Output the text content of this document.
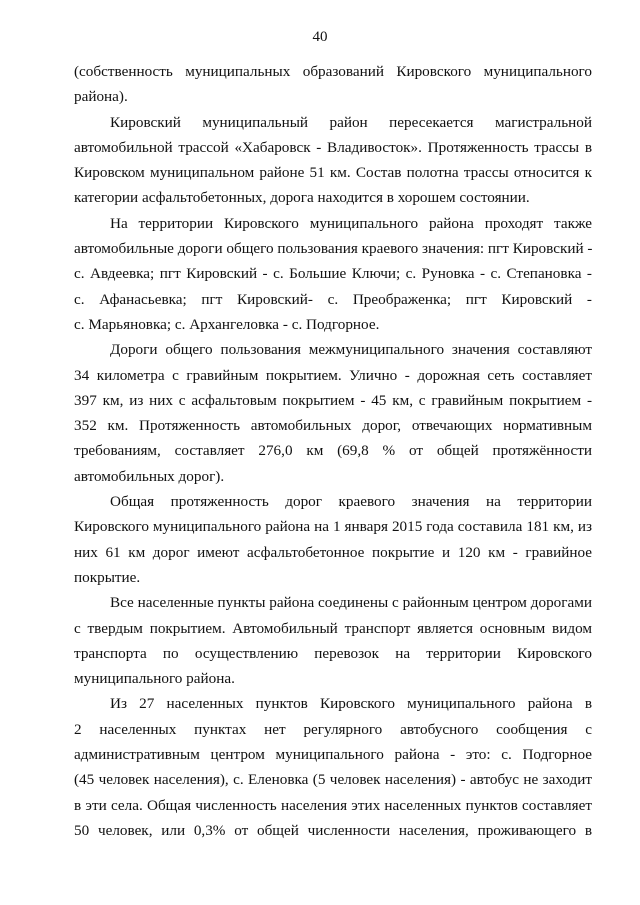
40
(собственность муниципальных образований Кировского муниципального
района).
Кировский муниципальный район пересекается магистральной
автомобильной трассой «Хабаровск - Владивосток». Протяженность трассы в
Кировском муниципальном районе 51 км. Состав полотна трассы относится к
категории асфальтобетонных, дорога находится в хорошем состоянии.
На территории Кировского муниципального района проходят также
автомобильные дороги общего пользования краевого значения: пгт Кировский -
с. Авдеевка; пгт Кировский - с. Большие Ключи; с. Руновка - с. Степановка -
с. Афанасьевка; пгт Кировский- с. Преображенка; пгт Кировский -
с. Марьяновка; с. Архангеловка - с. Подгорное.
Дороги общего пользования межмуниципального значения составляют
34 километра с гравийным покрытием. Улично - дорожная сеть составляет
397 км, из них с асфальтовым покрытием - 45 км, с гравийным покрытием -
352 км. Протяженность автомобильных дорог, отвечающих нормативным
требованиям, составляет 276,0 км (69,8 % от общей протяжённости
автомобильных дорог).
Общая протяженность дорог краевого значения на территории
Кировского муниципального района на 1 января 2015 года составила 181 км, из
них 61 км дорог имеют асфальтобетонное покрытие и 120 км - гравийное
покрытие.
Все населенные пункты района соединены с районным центром дорогами
с твердым покрытием. Автомобильный транспорт является основным видом
транспорта по осуществлению перевозок на территории Кировского
муниципального района.
Из 27 населенных пунктов Кировского муниципального района в
2 населенных пунктах нет регулярного автобусного сообщения с
административным центром муниципального района - это: с. Подгорное
(45 человек населения), с. Еленовка (5 человек населения) - автобус не заходит
в эти села. Общая численность населения этих населенных пунктов составляет
50 человек, или 0,3% от общей численности населения, проживающего в
